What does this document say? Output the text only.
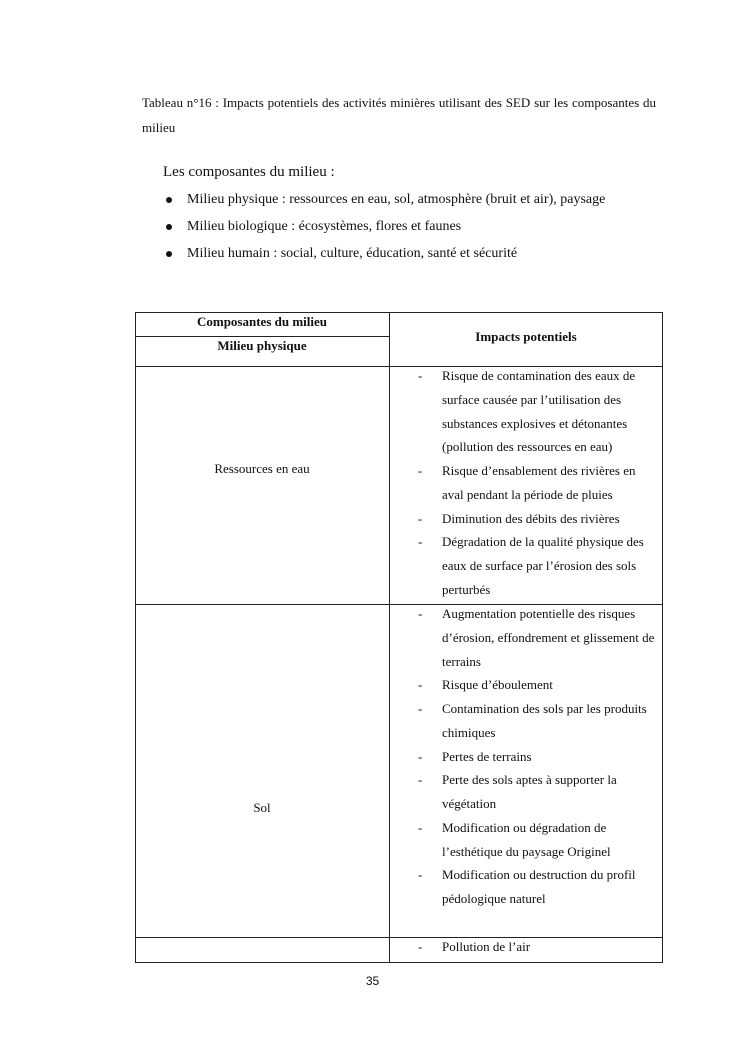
Tableau n°16 : Impacts potentiels des activités minières utilisant des SED sur les composantes du milieu
Les composantes du milieu :
Milieu physique : ressources en eau, sol, atmosphère (bruit et air), paysage
Milieu biologique : écosystèmes, flores et faunes
Milieu humain : social, culture, éducation, santé et sécurité
Composantes du milieu
Milieu physique
Impacts potentiels
Ressources en eau
Sol
- Risque de contamination des eaux de surface causée par l’utilisation des substances explosives et détonantes (pollution des ressources en eau)
- Risque d’ensablement des rivières en aval pendant la période de pluies
- Diminution des débits des rivières
- Dégradation de la qualité physique des eaux de surface par l’érosion des sols perturbés
- Augmentation potentielle des risques d’érosion, effondrement et glissement de terrains
- Risque d’éboulement
- Contamination des sols par les produits chimiques
- Pertes de terrains
- Perte des sols aptes à supporter la végétation
- Modification ou dégradation de l’esthétique du paysage Originel
- Modification ou destruction du profil pédologique naturel
- Pollution de l’air
35
